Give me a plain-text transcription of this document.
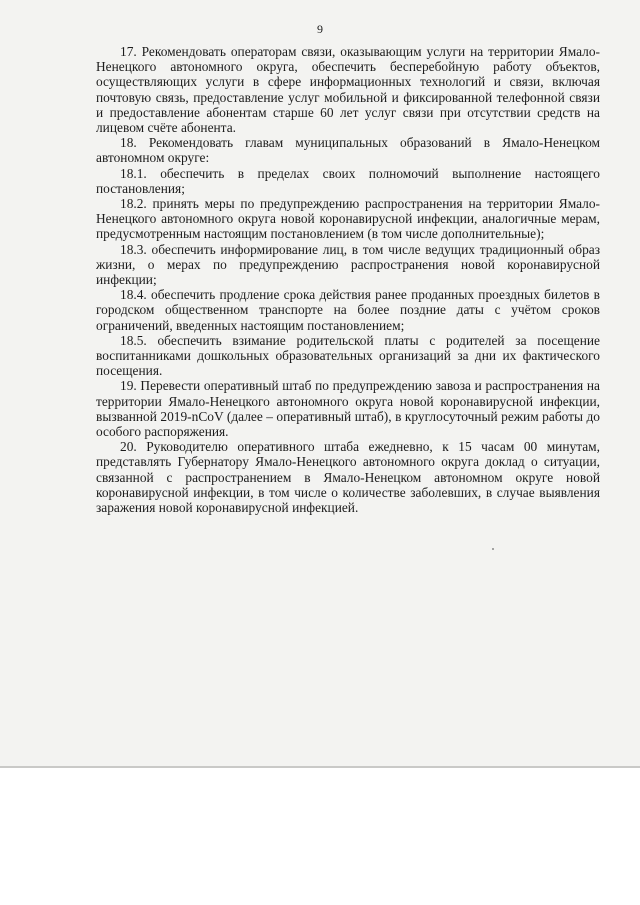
9

17. Рекомендовать операторам связи, оказывающим услуги на территории Ямало-Ненецкого автономного округа, обеспечить бесперебойную работу объектов, осуществляющих услуги в сфере информационных технологий и связи, включая почтовую связь, предоставление услуг мобильной и фиксированной телефонной связи и предоставление абонентам старше 60 лет услуг связи при отсутствии средств на лицевом счёте абонента.

18. Рекомендовать главам муниципальных образований в Ямало-Ненецком автономном округе:

18.1. обеспечить в пределах своих полномочий выполнение настоящего постановления;

18.2. принять меры по предупреждению распространения на территории Ямало-Ненецкого автономного округа новой коронавирусной инфекции, аналогичные мерам, предусмотренным настоящим постановлением (в том числе дополнительные);

18.3. обеспечить информирование лиц, в том числе ведущих традиционный образ жизни, о мерах по предупреждению распространения новой коронавирусной инфекции;

18.4. обеспечить продление срока действия ранее проданных проездных билетов в городском общественном транспорте на более поздние даты с учётом сроков ограничений, введенных настоящим постановлением;

18.5. обеспечить взимание родительской платы с родителей за посещение воспитанниками дошкольных образовательных организаций за дни их фактического посещения.

19. Перевести оперативный штаб по предупреждению завоза и распространения на территории Ямало-Ненецкого автономного округа новой коронавирусной инфекции, вызванной 2019-nCoV (далее – оперативный штаб), в круглосуточный режим работы до особого распоряжения.

20. Руководителю оперативного штаба ежедневно, к 15 часам 00 минутам, представлять Губернатору Ямало-Ненецкого автономного округа доклад о ситуации, связанной с распространением в Ямало-Ненецком автономном округе новой коронавирусной инфекции, в том числе о количестве заболевших, в случае выявления заражения новой коронавирусной инфекцией.
